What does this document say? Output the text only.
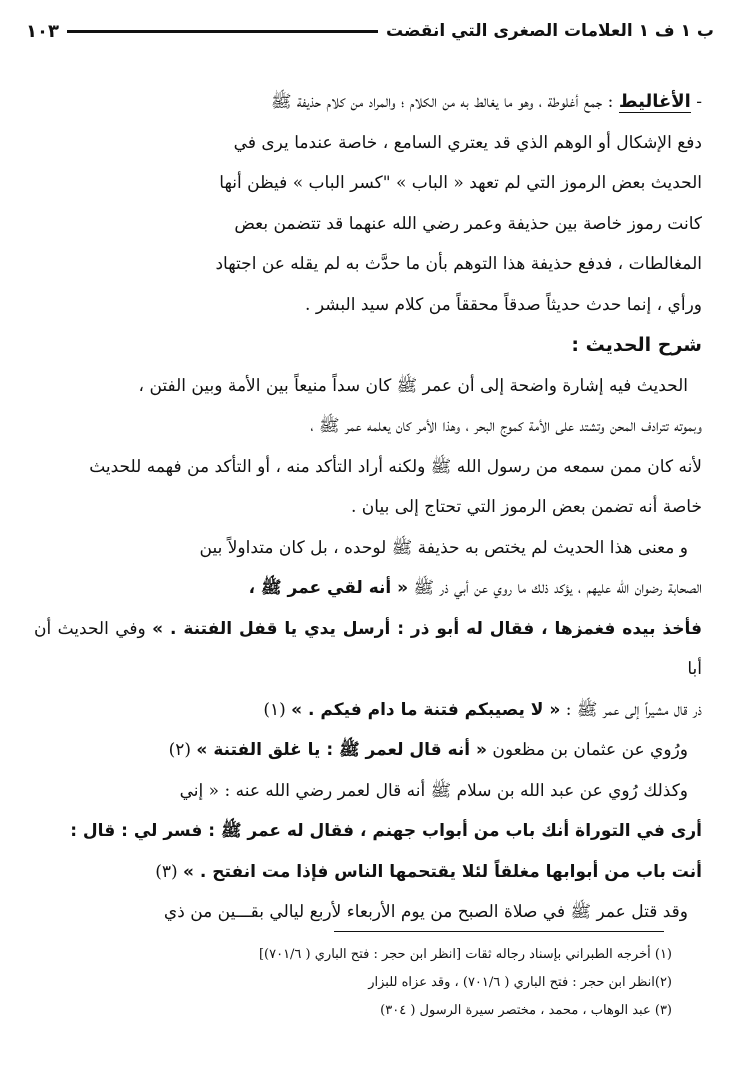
ب ١ ف ١ العلامات الصغرى التي انقضت
١٠٣

- الأغاليط : جمع أغلوطة ، وهو ما يغالط به من الكلام ؛ والمراد من كلام حذيفة ﷺ

دفع الإشكال أو الوهم الذي قد يعتري السامع ، خاصة عندما يرى في

الحديث بعض الرموز التي لم تعهد « الباب » "كسر الباب » فيظن أنها

كانت رموز خاصة بين حذيفة وعمر رضي الله عنهما قد تتضمن بعض

المغالطات ، فدفع حذيفة هذا التوهم بأن ما حدَّث به لم يقله عن اجتهاد

ورأي ، إنما حدث حديثاً صدقاً محققاً من كلام سيد البشر .

شرح الحديث :

الحديث فيه إشارة واضحة إلى أن عمر ﷺ كان سداً منيعاً بين الأمة وبين الفتن ،

وبموته تترادف المحن وتشتد على الأمة كموج البحر ، وهذا الأمر كان يعلمه عمر ﷺ ،

لأنه كان ممن سمعه من رسول الله ﷺ ولكنه أراد التأكد منه ، أو التأكد من فهمه للحديث

خاصة أنه تضمن بعض الرموز التي تحتاج إلى بيان .

و معنى هذا الحديث لم يختص به حذيفة ﷺ لوحده ، بل كان متداولاً بين

الصحابة رضوان الله عليهم ، يؤكد ذلك ما روي عن أبي ذر ﷺ « أنه لقي عمر ﷺ ،

فأخذ بيده فغمزها ، فقال له أبو ذر : أرسل يدي يا قفل الفتنة . » وفي الحديث أن أبا

ذر قال مشيراً إلى عمر ﷺ : « لا يصيبكم فتنة ما دام فيكم . » (١)

ورُوي عن عثمان بن مظعون « أنه قال لعمر ﷺ : يا غلق الفتنة » (٢)

وكذلك رُوي عن عبد الله بن سلام ﷺ أنه قال لعمر رضي الله عنه : « إني

أرى في التوراة أنك باب من أبواب جهنم ، فقال له عمر ﷺ : فسر لي : قال :

أنت باب من أبوابها مغلقاً لئلا يقتحمها الناس فإذا مت انفتح . » (٣)

وقد قتل عمر ﷺ في صلاة الصبح من يوم الأربعاء لأربع ليالي بقـــين من ذي

(١) أخرجه الطبراني بإسناد رجاله ثقات [انظر ابن حجر : فتح الباري ( ٧٠١/٦)]

(٢)انظر ابن حجر : فتح الباري ( ٧٠١/٦) ، وقد عزاه للبزار

(٣) عبد الوهاب ، محمد ، مختصر سيرة الرسول ( ٣٠٤)
